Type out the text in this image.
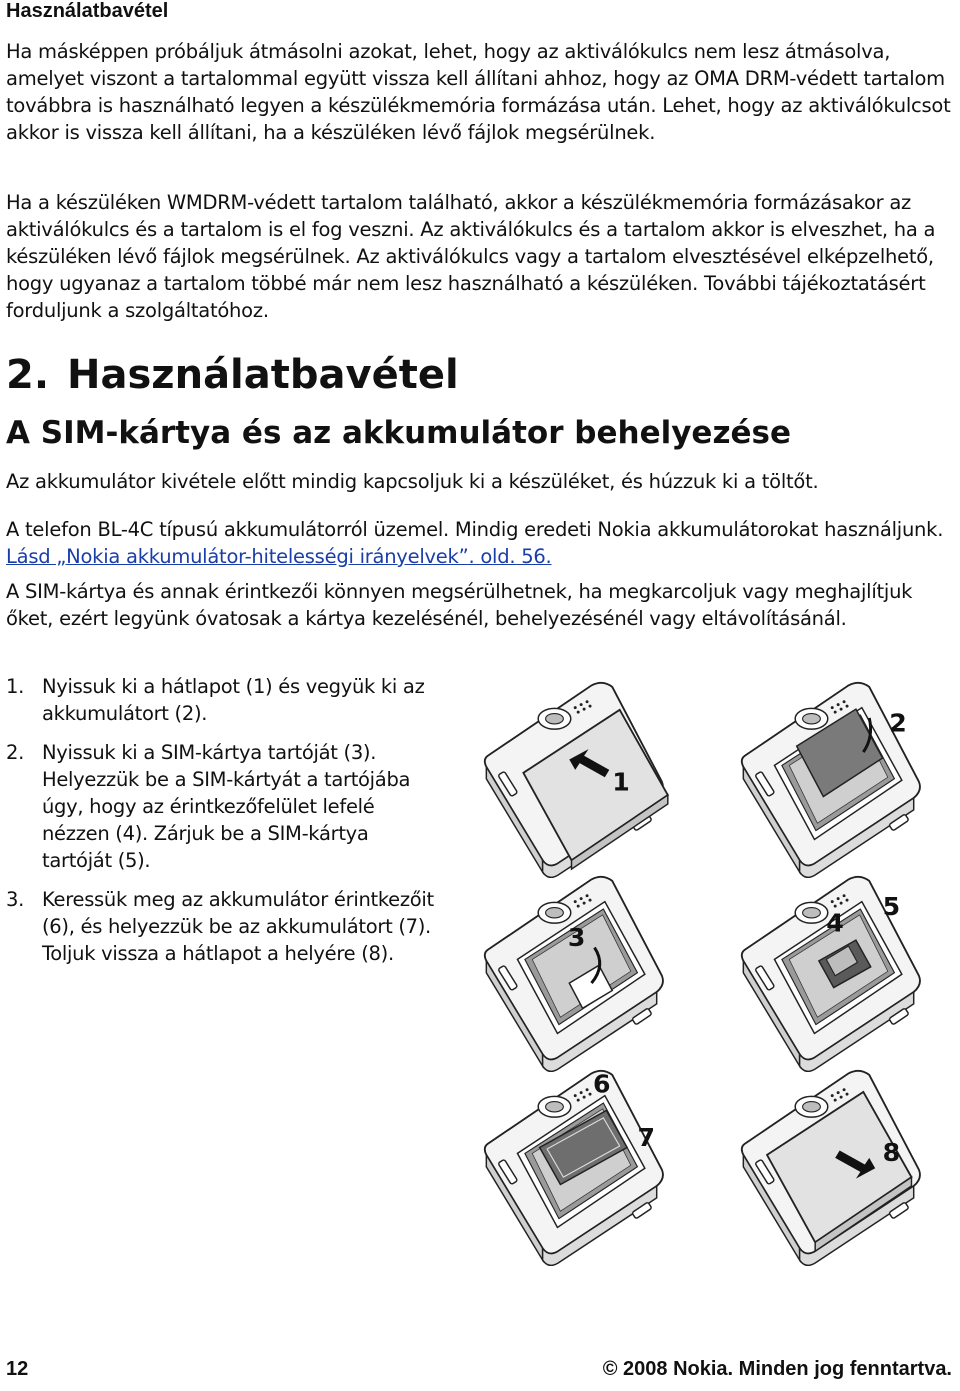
Használatbavétel

Ha másképpen próbáljuk átmásolni azokat, lehet, hogy az aktiválókulcs nem lesz átmásolva, amelyet viszont a tartalommal együtt vissza kell állítani ahhoz, hogy az OMA DRM-védett tartalom továbbra is használható legyen a készülékmemória formázása után. Lehet, hogy az aktiválókulcsot akkor is vissza kell állítani, ha a készüléken lévő fájlok megsérülnek.

Ha a készüléken WMDRM-védett tartalom található, akkor a készülékmemória formázásakor az aktiválókulcs és a tartalom is el fog veszni. Az aktiválókulcs és a tartalom akkor is elveszhet, ha a készüléken lévő fájlok megsérülnek. Az aktiválókulcs vagy a tartalom elvesztésével elképzelhető, hogy ugyanaz a tartalom többé már nem lesz használható a készüléken. További tájékoztatásért forduljunk a szolgáltatóhoz.

2. Használatbavétel
A SIM-kártya és az akkumulátor behelyezése

Az akkumulátor kivétele előtt mindig kapcsoljuk ki a készüléket, és húzzuk ki a töltőt.

A telefon BL-4C típusú akkumulátorról üzemel. Mindig eredeti Nokia akkumulátorokat használjunk. Lásd „Nokia akkumulátor-hitelességi irányelvek”. old. 56.

A SIM-kártya és annak érintkezői könnyen megsérülhetnek, ha megkarcoljuk vagy meghajlítjuk őket, ezért legyünk óvatosak a kártya kezelésénél, behelyezésénél vagy eltávolításánál.

1. Nyissuk ki a hátlapot (1) és vegyük ki az akkumulátort (2).
2. Nyissuk ki a SIM-kártya tartóját (3). Helyezzük be a SIM-kártyát a tartójába úgy, hogy az érintkezőfelület lefelé nézzen (4). Zárjuk be a SIM-kártya tartóját (5).
3. Keressük meg az akkumulátor érintkezőit (6), és helyezzük be az akkumulátort (7). Toljuk vissza a hátlapot a helyére (8).
1
2
3
4
5
6
7
8
12	© 2008 Nokia. Minden jog fenntartva.
